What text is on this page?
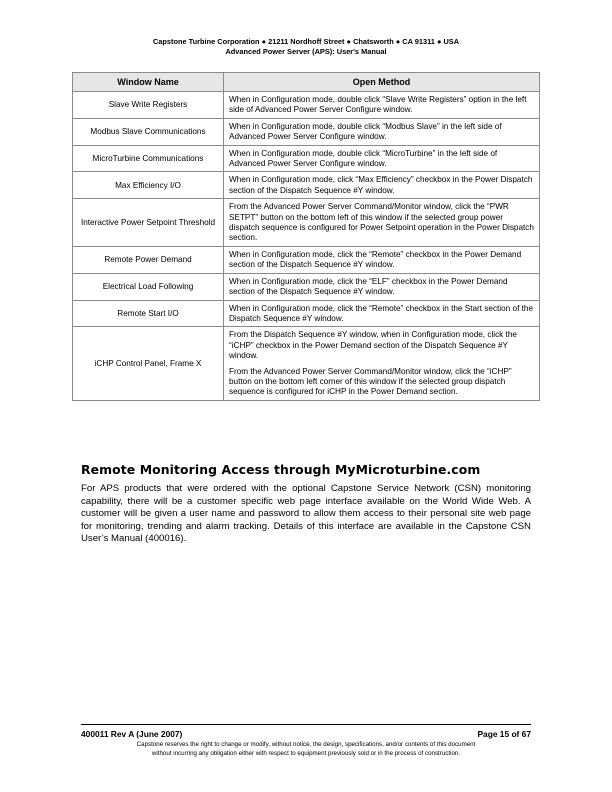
Capstone Turbine Corporation ● 21211 Nordhoff Street ● Chatsworth ● CA 91311 ● USA
Advanced Power Server (APS): User's Manual
Window Name	Open Method
Slave Write Registers	When in Configuration mode, double click “Slave Write Registers” option in the left side of Advanced Power Server Configure window.
Modbus Slave Communications	When in Configuration mode, double click “Modbus Slave” in the left side of Advanced Power Server Configure window.
MicroTurbine Communications	When in Configuration mode, double click “MicroTurbine” in the left side of Advanced Power Server Configure window.
Max Efficiency I/O	When in Configuration mode, click “Max Efficiency” checkbox in the Power Dispatch section of the Dispatch Sequence #Y window.
Interactive Power Setpoint Threshold	From the Advanced Power Server Command/Monitor window, click the “PWR SETPT” button on the bottom left of this window if the selected group power dispatch sequence is configured for Power Setpoint operation in the Power Dispatch section.
Remote Power Demand	When in Configuration mode, click the “Remote” checkbox in the Power Demand section of the Dispatch Sequence #Y window.
Electrical Load Following	When in Configuration mode, click the “ELF” checkbox in the Power Demand section of the Dispatch Sequence #Y window.
Remote Start I/O	When in Configuration mode, click the “Remote” checkbox in the Start section of the Dispatch Sequence #Y window.
iCHP Control Panel, Frame X	From the Dispatch Sequence #Y window, when in Configuration mode, click the “iCHP” checkbox in the Power Demand section of the Dispatch Sequence #Y window.

From the Advanced Power Server Command/Monitor window, click the “iCHP” button on the bottom left corner of this window if the selected group dispatch sequence is configured for iCHP in the Power Demand section.

Remote Monitoring Access through MyMicroturbine.com

For APS products that were ordered with the optional Capstone Service Network (CSN) monitoring capability, there will be a customer specific web page interface available on the World Wide Web. A customer will be given a user name and password to allow them access to their personal site web page for monitoring, trending and alarm tracking. Details of this interface are available in the Capstone CSN User’s Manual (400016).

400011 Rev A (June 2007)	Page 15 of 67
Capstone reserves the right to change or modify, without notice, the design, specifications, and/or contents of this document
without incurring any obligation either with respect to equipment previously sold or in the process of construction.
